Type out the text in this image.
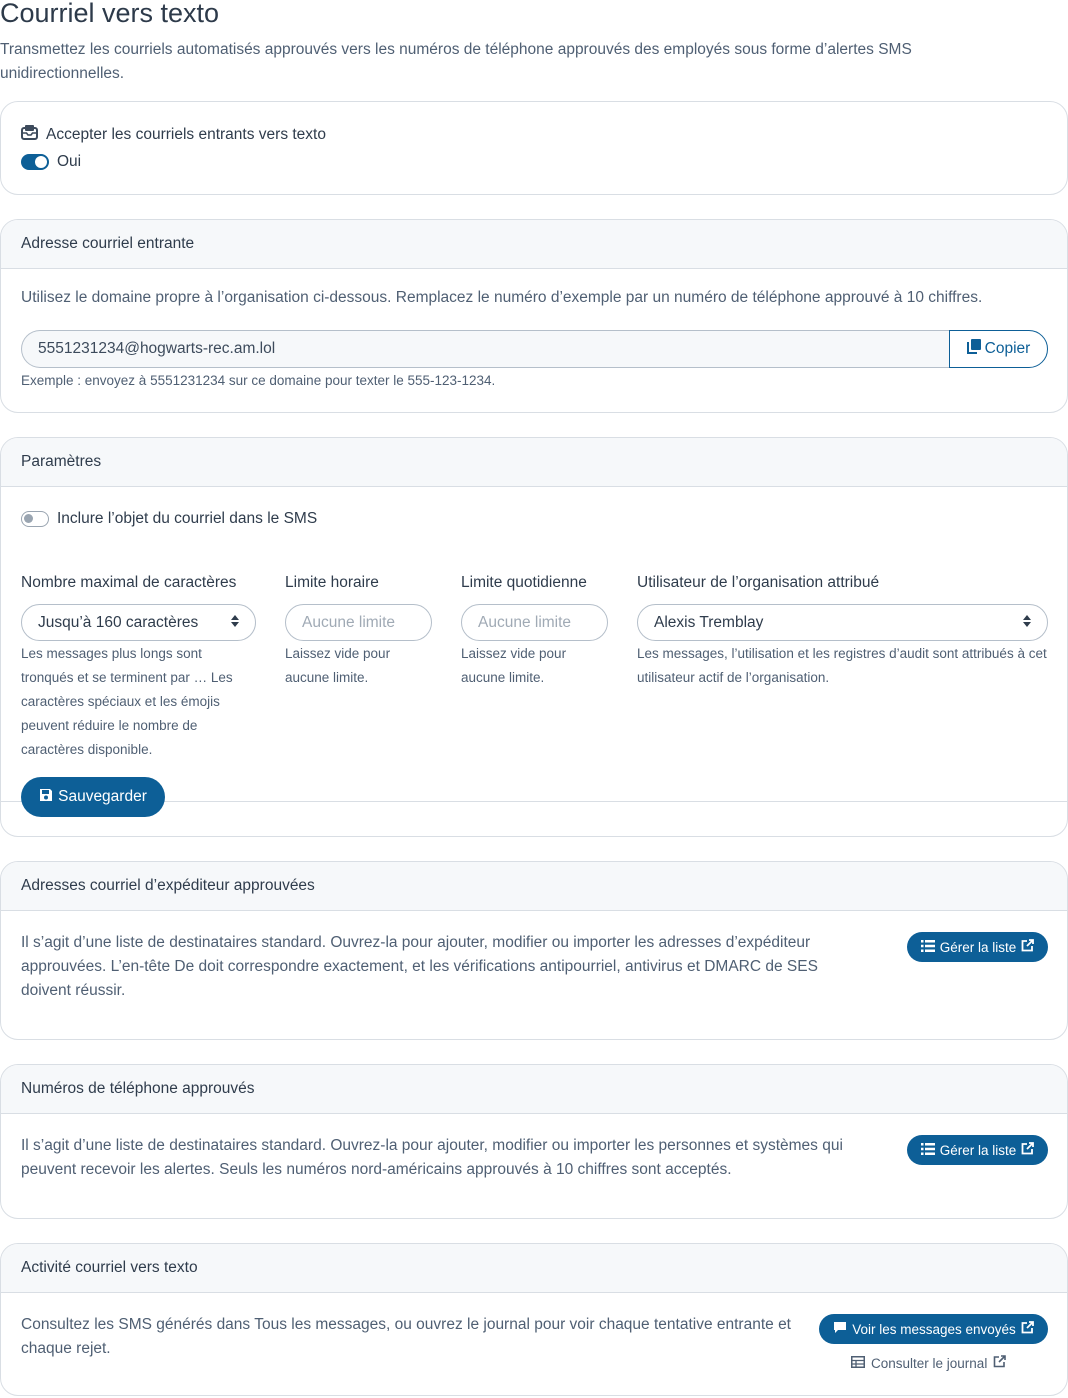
Courriel vers texto
Transmettez les courriels automatisés approuvés vers les numéros de téléphone approuvés des employés sous forme d’alertes SMS unidirectionnelles.
Accepter les courriels entrants vers texto
Oui
Adresse courriel entrante
Utilisez le domaine propre à l’organisation ci-dessous. Remplacez le numéro d’exemple par un numéro de téléphone approuvé à 10 chiffres.
5551231234@hogwarts-rec.am.lol	Copier
Exemple : envoyez à 5551231234 sur ce domaine pour texter le 555-123-1234.
Paramètres
Inclure l’objet du courriel dans le SMS
Nombre maximal de caractères
Jusqu’à 160 caractères
Les messages plus longs sont tronqués et se terminent par … Les caractères spéciaux et les émojis peuvent réduire le nombre de caractères disponible.
Limite horaire
Aucune limite
Laissez vide pour aucune limite.
Limite quotidienne
Aucune limite
Laissez vide pour aucune limite.
Utilisateur de l’organisation attribué
Alexis Tremblay
Les messages, l’utilisation et les registres d’audit sont attribués à cet utilisateur actif de l’organisation.
Sauvegarder
Adresses courriel d’expéditeur approuvées
Il s’agit d’une liste de destinataires standard. Ouvrez-la pour ajouter, modifier ou importer les adresses d’expéditeur approuvées. L’en-tête De doit correspondre exactement, et les vérifications antipourriel, antivirus et DMARC de SES doivent réussir.
Gérer la liste
Numéros de téléphone approuvés
Il s’agit d’une liste de destinataires standard. Ouvrez-la pour ajouter, modifier ou importer les personnes et systèmes qui peuvent recevoir les alertes. Seuls les numéros nord-américains approuvés à 10 chiffres sont acceptés.
Gérer la liste
Activité courriel vers texto
Consultez les SMS générés dans Tous les messages, ou ouvrez le journal pour voir chaque tentative entrante et chaque rejet.
Voir les messages envoyés
Consulter le journal
